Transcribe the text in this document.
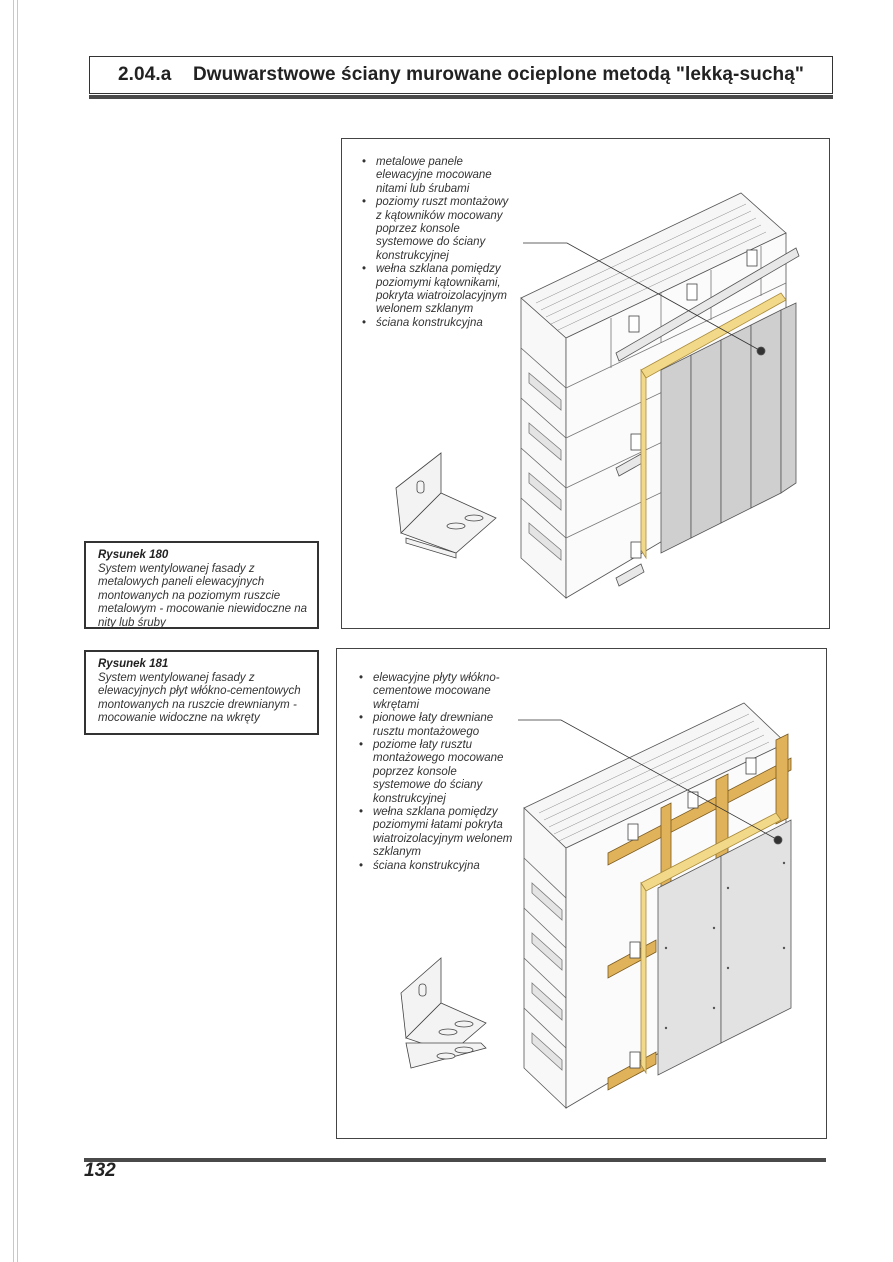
2.04.a Dwuwarstwowe ściany murowane ocieplone metodą "lekką-suchą"
• metalowe panele elewacyjne mocowane nitami lub śrubami
• poziomy ruszt montażowy z kątowników mocowany poprzez konsole systemowe do ściany konstrukcyjnej
• wełna szklana pomiędzy poziomymi kątownikami, pokryta wiatroizolacyjnym welonem szklanym
• ściana konstrukcyjna
Rysunek 180
System wentylowanej fasady z metalowych paneli elewacyjnych montowanych na poziomym ruszcie metalowym - mocowanie niewidoczne na nity lub śruby
Rysunek 181
System wentylowanej fasady z elewacyjnych płyt włókno-cementowych montowanych na ruszcie drewnianym - mocowanie widoczne na wkręty
• elewacyjne płyty włókno-cementowe mocowane wkrętami
• pionowe łaty drewniane rusztu montażowego
• poziome łaty rusztu montażowego mocowane poprzez konsole systemowe do ściany konstrukcyjnej
• wełna szklana pomiędzy poziomymi łatami pokryta wiatroizolacyjnym welonem szklanym
• ściana konstrukcyjna
132
